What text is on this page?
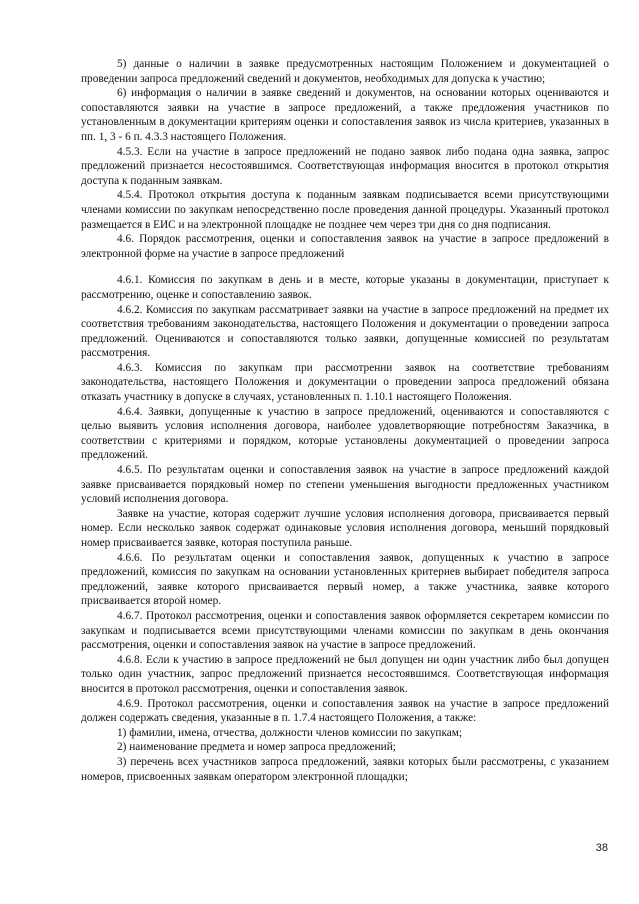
5) данные о наличии в заявке предусмотренных настоящим Положением и документацией о проведении запроса предложений сведений и документов, необходимых для допуска к участию;

6) информация о наличии в заявке сведений и документов, на основании которых оцениваются и сопоставляются заявки на участие в запросе предложений, а также предложения участников по установленным в документации критериям оценки и сопоставления заявок из числа критериев, указанных в пп. 1, 3 - 6 п. 4.3.3 настоящего Положения.

4.5.3. Если на участие в запросе предложений не подано заявок либо подана одна заявка, запрос предложений признается несостоявшимся. Соответствующая информация вносится в протокол открытия доступа к поданным заявкам.

4.5.4. Протокол открытия доступа к поданным заявкам подписывается всеми присутствующими членами комиссии по закупкам непосредственно после проведения данной процедуры. Указанный протокол размещается в ЕИС и на электронной площадке не позднее чем через три дня со дня подписания.

4.6. Порядок рассмотрения, оценки и сопоставления заявок на участие в запросе предложений в электронной форме на участие в запросе предложений

4.6.1. Комиссия по закупкам в день и в месте, которые указаны в документации, приступает к рассмотрению, оценке и сопоставлению заявок.

4.6.2. Комиссия по закупкам рассматривает заявки на участие в запросе предложений на предмет их соответствия требованиям законодательства, настоящего Положения и документации о проведении запроса предложений. Оцениваются и сопоставляются только заявки, допущенные комиссией по результатам рассмотрения.

4.6.3. Комиссия по закупкам при рассмотрении заявок на соответствие требованиям законодательства, настоящего Положения и документации о проведении запроса предложений обязана отказать участнику в допуске в случаях, установленных п. 1.10.1 настоящего Положения.

4.6.4. Заявки, допущенные к участию в запросе предложений, оцениваются и сопоставляются с целью выявить условия исполнения договора, наиболее удовлетворяющие потребностям Заказчика, в соответствии с критериями и порядком, которые установлены документацией о проведении запроса предложений.

4.6.5. По результатам оценки и сопоставления заявок на участие в запросе предложений каждой заявке присваивается порядковый номер по степени уменьшения выгодности предложенных участником условий исполнения договора.

Заявке на участие, которая содержит лучшие условия исполнения договора, присваивается первый номер. Если несколько заявок содержат одинаковые условия исполнения договора, меньший порядковый номер присваивается заявке, которая поступила раньше.

4.6.6. По результатам оценки и сопоставления заявок, допущенных к участию в запросе предложений, комиссия по закупкам на основании установленных критериев выбирает победителя запроса предложений, заявке которого присваивается первый номер, а также участника, заявке которого присваивается второй номер.

4.6.7. Протокол рассмотрения, оценки и сопоставления заявок оформляется секретарем комиссии по закупкам и подписывается всеми присутствующими членами комиссии по закупкам в день окончания рассмотрения, оценки и сопоставления заявок на участие в запросе предложений.

4.6.8. Если к участию в запросе предложений не был допущен ни один участник либо был допущен только один участник, запрос предложений признается несостоявшимся. Соответствующая информация вносится в протокол рассмотрения, оценки и сопоставления заявок.

4.6.9. Протокол рассмотрения, оценки и сопоставления заявок на участие в запросе предложений должен содержать сведения, указанные в п. 1.7.4 настоящего Положения, а также:

1) фамилии, имена, отчества, должности членов комиссии по закупкам;

2) наименование предмета и номер запроса предложений;

3) перечень всех участников запроса предложений, заявки которых были рассмотрены, с указанием номеров, присвоенных заявкам оператором электронной площадки;

38
